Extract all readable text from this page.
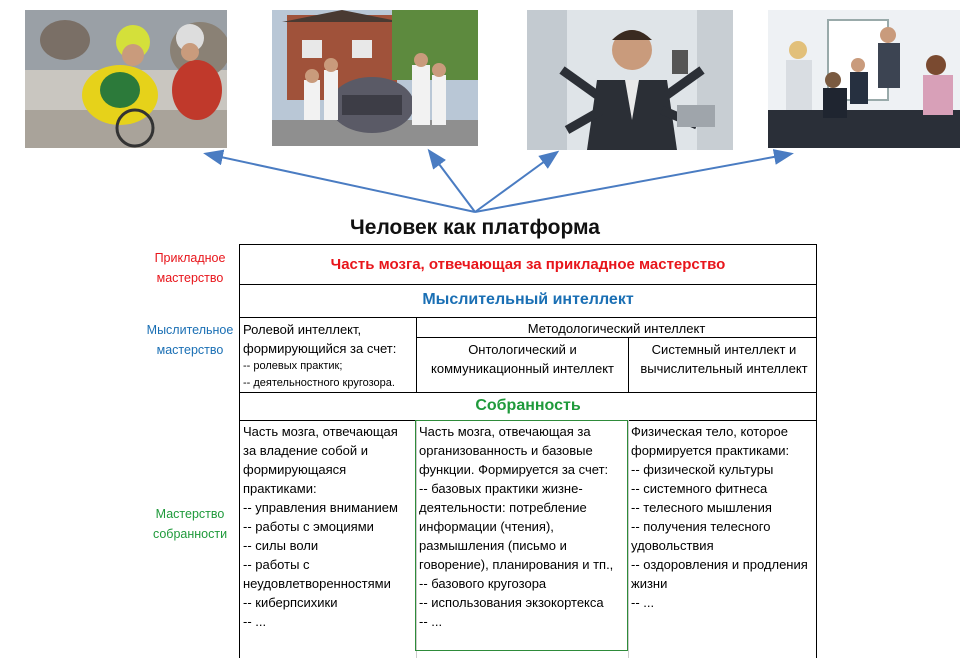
Человек как платформа
Прикладное мастерство
Мыслительное мастерство
Мастерство собранности
Часть мозга, отвечающая за прикладное мастерство
Мыслительный интеллект
Ролевой интеллект, формирующийся за счет:
-- ролевых практик;
-- деятельностного кругозора.
Методологический интеллект
Онтологический и коммуникационный интеллект
Системный интеллект и вычислительный интеллект
Собранность
Часть мозга, отвечающая за владение собой и формирующаяся практиками:
-- управления вниманием
-- работы с эмоциями
-- силы воли
-- работы с неудовлетворенностями
-- киберпсихики
-- ...
Часть мозга, отвечающая за организованность и базовые функции. Формируется за счет:
-- базовых практики жизне-деятельности: потребление информации (чтения), размышления (письмо и говорение), планирования и тп.,
-- базового кругозора
-- использования экзокортекса
-- ...
Физическая тело, которое формируется практиками:
-- физической культуры
-- системного фитнеса
-- телесного мышления
-- получения телесного удовольствия
-- оздоровления и продления жизни
-- ...
